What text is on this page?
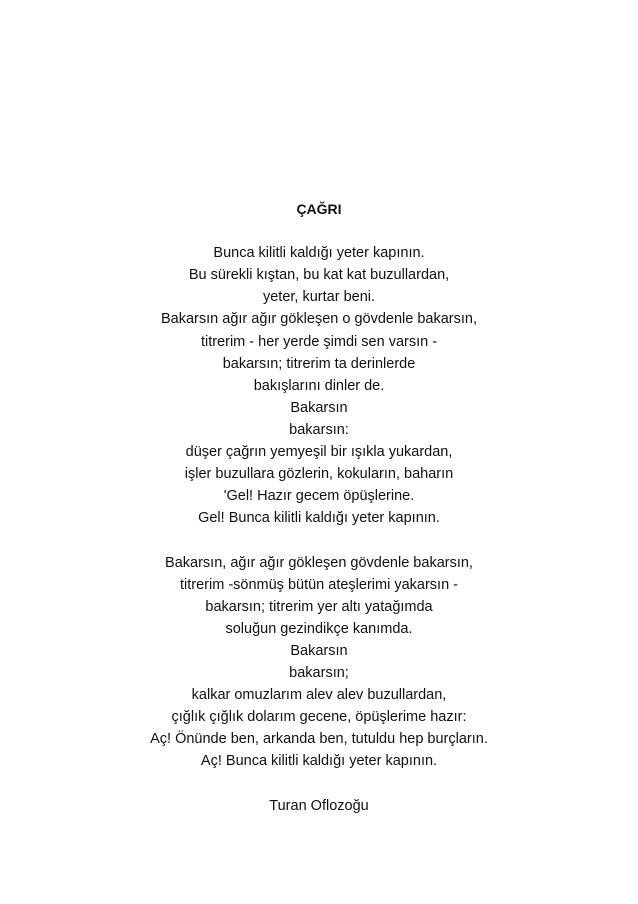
ÇAĞRI
Bunca kilitli kaldığı yeter kapının.
Bu sürekli kıştan, bu kat kat buzullardan,
yeter, kurtar beni.
Bakarsın ağır ağır gökleşen o gövdenle bakarsın,
titrerim - her yerde şimdi sen varsın -
bakarsın; titrerim ta derinlerde
bakışlarını dinler de.
Bakarsın
bakarsın:
düşer çağrın yemyeşil bir ışıkla yukardan,
işler buzullara gözlerin, kokuların, baharın
'Gel! Hazır gecem öpüşlerine.
Gel! Bunca kilitli kaldığı yeter kapının.
Bakarsın, ağır ağır gökleşen gövdenle bakarsın,
titrerim -sönmüş bütün ateşlerimi yakarsın -
bakarsın; titrerim yer altı yatağımda
soluğun gezindikçe kanımda.
Bakarsın
bakarsın;
kalkar omuzlarım alev alev buzullardan,
çığlık çığlık dolarım gecene, öpüşlerime hazır:
Aç! Önünde ben, arkanda ben, tutuldu hep burçların.
Aç! Bunca kilitli kaldığı yeter kapının.
Turan Oflozoğu
